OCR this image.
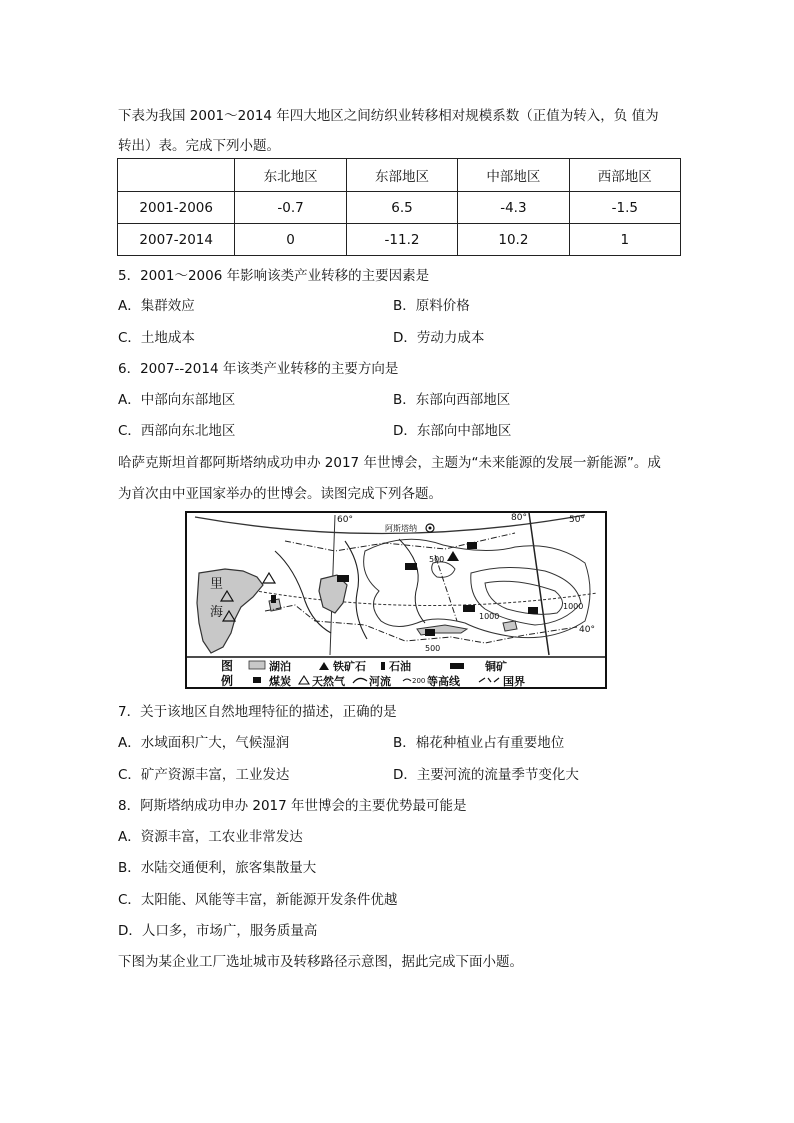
下表为我国 2001～2014 年四大地区之间纺织业转移相对规模系数（正值为转入，负 值为
转出）表。完成下列小题。
	东北地区	东部地区	中部地区	西部地区
2001-2006	-0.7	6.5	-4.3	-1.5
2007-2014	0	-11.2	10.2	1
5．2001～2006 年影响该类产业转移的主要因素是
A．集群效应	B．原料价格
C．土地成本	D．劳动力成本
6．2007--2014 年该类产业转移的主要方向是
A．中部向东部地区	B．东部向西部地区
C．西部向东北地区	D．东部向中部地区
哈萨克斯坦首都阿斯塔纳成功申办 2017 年世博会，主题为“未来能源的发展一新能源”。成
为首次由中亚国家举办的世博会。读图完成下列各题。
里
海
阿斯塔纳
60°	80°	50°
40°
500
1000
1000
500
图
例
湖泊	铁矿石 石油	铜矿
煤炭 天然气 河流	200 等高线	国界
7．关于该地区自然地理特征的描述，正确的是
A．水域面积广大，气候湿润	B．棉花种植业占有重要地位
C．矿产资源丰富，工业发达	D．主要河流的流量季节变化大
8．阿斯塔纳成功申办 2017 年世博会的主要优势最可能是
A．资源丰富，工农业非常发达
B．水陆交通便利，旅客集散量大
C．太阳能、风能等丰富，新能源开发条件优越
D．人口多，市场广，服务质量高
下图为某企业工厂选址城市及转移路径示意图，据此完成下面小题。
